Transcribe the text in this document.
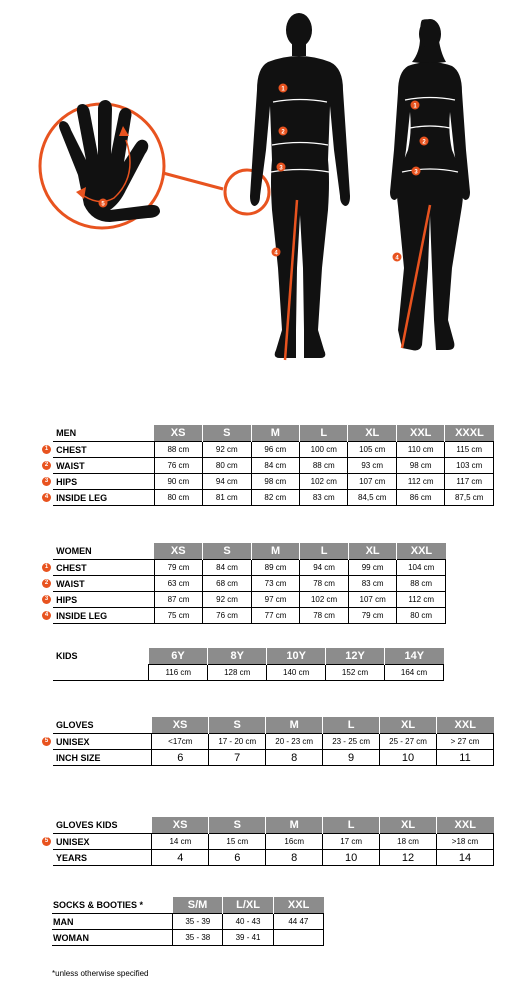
5
1
2
3
4
1
2
3
4
	MEN	XS	S	M	L	XL	XXL	XXXL
1	CHEST	88 cm	92 cm	96 cm	100 cm	105 cm	110 cm	115 cm
2	WAIST	76 cm	80 cm	84 cm	88 cm	93 cm	98 cm	103 cm
3	HIPS	90 cm	94 cm	98 cm	102 cm	107 cm	112 cm	117 cm
4	INSIDE LEG	80 cm	81 cm	82 cm	83 cm	84,5 cm	86 cm	87,5 cm
	WOMEN	XS	S	M	L	XL	XXL
1	CHEST	79 cm	84 cm	89 cm	94 cm	99 cm	104 cm
2	WAIST	63 cm	68 cm	73 cm	78 cm	83 cm	88 cm
3	HIPS	87 cm	92 cm	97 cm	102 cm	107 cm	112 cm
4	INSIDE LEG	75 cm	76 cm	77 cm	78 cm	79 cm	80 cm
	KIDS	6Y	8Y	10Y	12Y	14Y
		116 cm	128 cm	140 cm	152 cm	164 cm
	GLOVES	XS	S	M	L	XL	XXL
5	UNISEX	<17cm	17 - 20 cm	20 - 23 cm	23 - 25 cm	25 - 27 cm	> 27 cm
	INCH SIZE	6	7	8	9	10	11
	GLOVES KIDS	XS	S	M	L	XL	XXL
5	UNISEX	14 cm	15 cm	16cm	17 cm	18 cm	>18 cm
	YEARS	4	6	8	10	12	14
SOCKS & BOOTIES *	S/M	L/XL	XXL
MAN	35 - 39	40 - 43	44 47
WOMAN	35 - 38	39 - 41	
*unless otherwise specified
